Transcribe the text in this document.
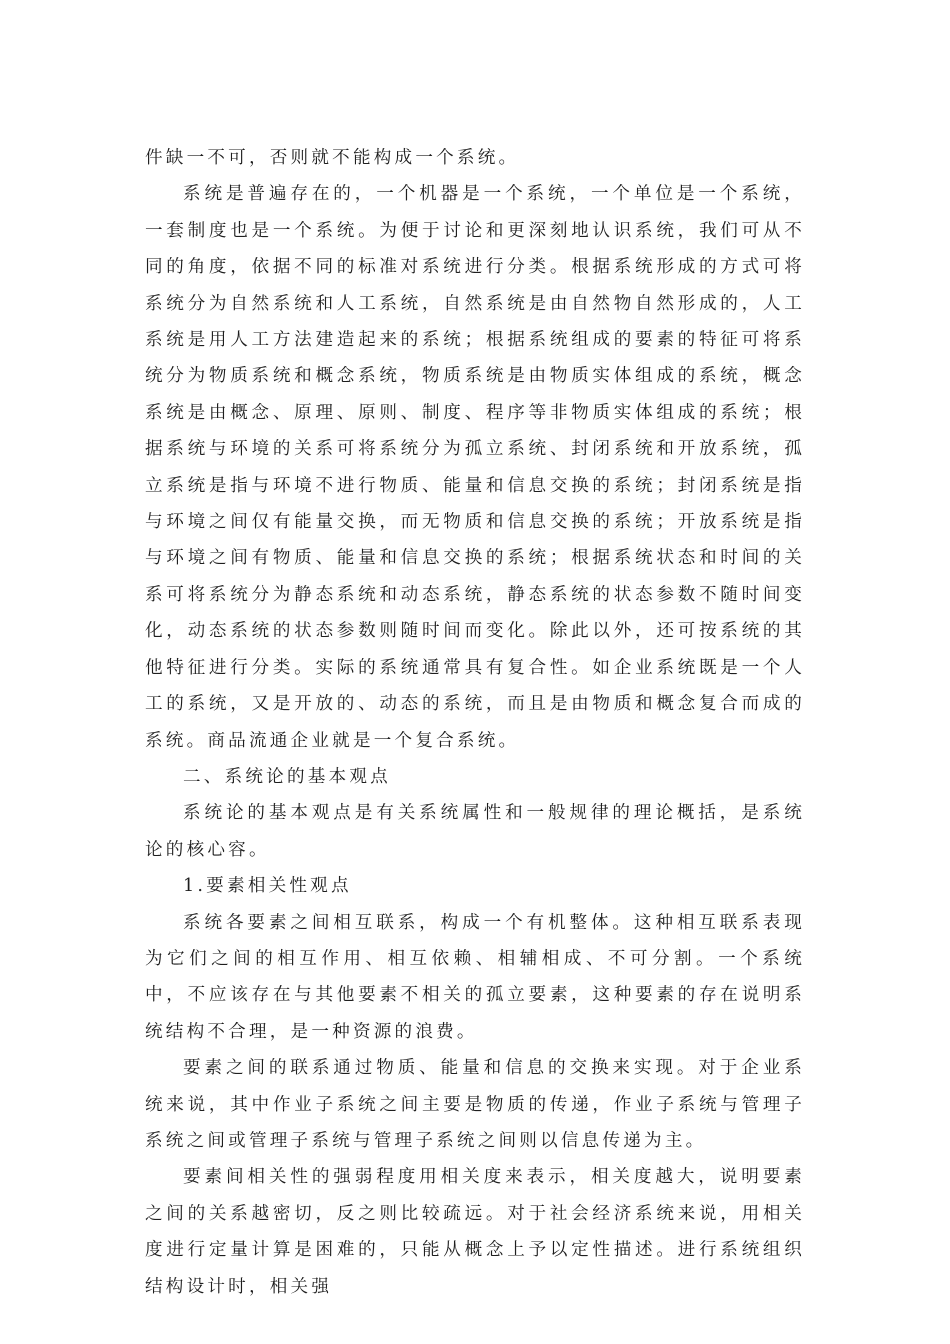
件缺一不可，否则就不能构成一个系统。

系统是普遍存在的，一个机器是一个系统，一个单位是一个系统，一套制度也是一个系统。为便于讨论和更深刻地认识系统，我们可从不同的角度，依据不同的标准对系统进行分类。根据系统形成的方式可将系统分为自然系统和人工系统，自然系统是由自然物自然形成的，人工系统是用人工方法建造起来的系统；根据系统组成的要素的特征可将系统分为物质系统和概念系统，物质系统是由物质实体组成的系统，概念系统是由概念、原理、原则、制度、程序等非物质实体组成的系统；根据系统与环境的关系可将系统分为孤立系统、封闭系统和开放系统，孤立系统是指与环境不进行物质、能量和信息交换的系统；封闭系统是指与环境之间仅有能量交换，而无物质和信息交换的系统；开放系统是指与环境之间有物质、能量和信息交换的系统；根据系统状态和时间的关系可将系统分为静态系统和动态系统，静态系统的状态参数不随时间变化，动态系统的状态参数则随时间而变化。除此以外，还可按系统的其他特征进行分类。实际的系统通常具有复合性。如企业系统既是一个人工的系统，又是开放的、动态的系统，而且是由物质和概念复合而成的系统。商品流通企业就是一个复合系统。

二、系统论的基本观点

系统论的基本观点是有关系统属性和一般规律的理论概括，是系统论的核心容。

1.要素相关性观点

系统各要素之间相互联系，构成一个有机整体。这种相互联系表现为它们之间的相互作用、相互依赖、相辅相成、不可分割。一个系统中，不应该存在与其他要素不相关的孤立要素，这种要素的存在说明系统结构不合理，是一种资源的浪费。

要素之间的联系通过物质、能量和信息的交换来实现。对于企业系统来说，其中作业子系统之间主要是物质的传递，作业子系统与管理子系统之间或管理子系统与管理子系统之间则以信息传递为主。

要素间相关性的强弱程度用相关度来表示，相关度越大，说明要素之间的关系越密切，反之则比较疏远。对于社会经济系统来说，用相关度进行定量计算是困难的，只能从概念上予以定性描述。进行系统组织结构设计时，相关强
